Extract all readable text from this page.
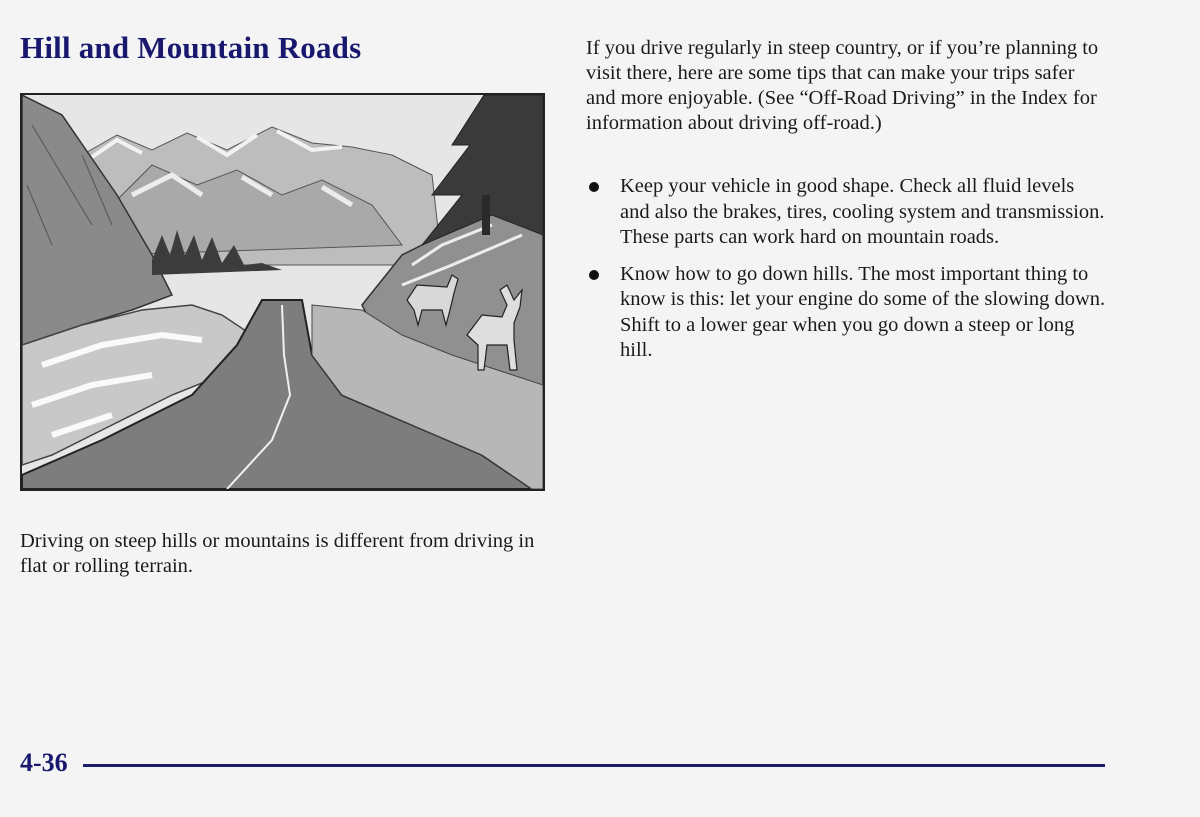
Hill and Mountain Roads

Driving on steep hills or mountains is different from driving in flat or rolling terrain.

If you drive regularly in steep country, or if you’re planning to visit there, here are some tips that can make your trips safer and more enjoyable. (See “Off-Road Driving” in the Index for information about driving off-road.)

Keep your vehicle in good shape. Check all fluid levels and also the brakes, tires, cooling system and transmission. These parts can work hard on mountain roads.
Know how to go down hills. The most important thing to know is this: let your engine do some of the slowing down. Shift to a lower gear when you go down a steep or long hill.
4-36
